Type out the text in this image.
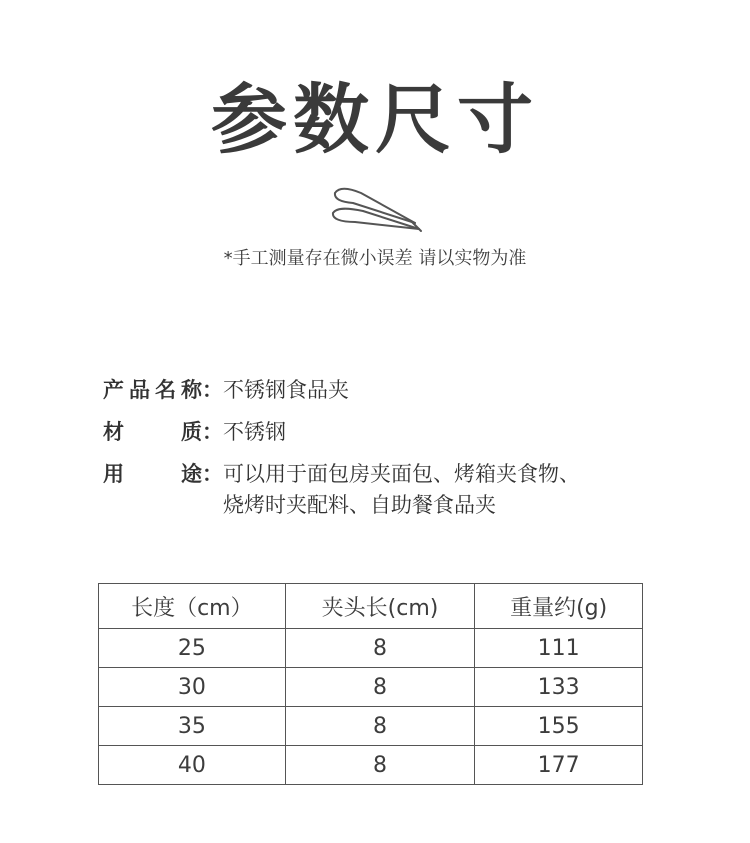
参数尺寸
*手工测量存在微小误差 请以实物为准
产 品 名 称 ： 不锈钢食品夹
材	质 ： 不锈钢
用	途 ： 可以用于面包房夹面包、烤箱夹食物、
烧烤时夹配料、自助餐食品夹
长度（cm）	夹头长(cm)	重量约(g)
25	8	111
30	8	133
35	8	155
40	8	177
